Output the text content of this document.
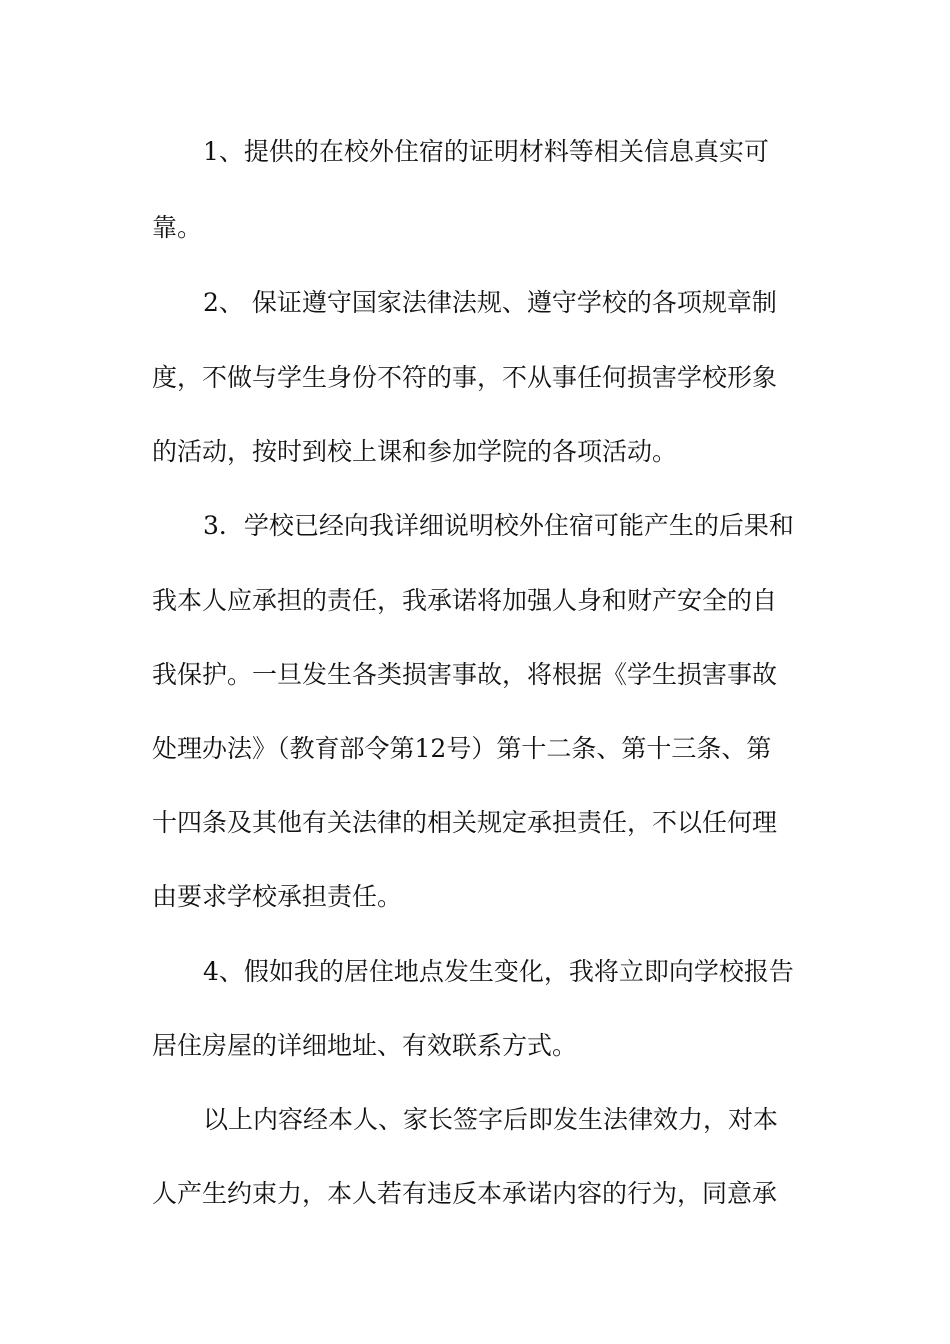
1、提供的在校外住宿的证明材料等相关信息真实可
靠。
2、 保证遵守国家法律法规、遵守学校的各项规章制
度，不做与学生身份不符的事，不从事任何损害学校形象
的活动，按时到校上课和参加学院的各项活动。
3．学校已经向我详细说明校外住宿可能产生的后果和
我本人应承担的责任，我承诺将加强人身和财产安全的自
我保护。一旦发生各类损害事故，将根据《学生损害事故
处理办法》（教育部令第12号）第十二条、第十三条、第
十四条及其他有关法律的相关规定承担责任，不以任何理
由要求学校承担责任。
4、假如我的居住地点发生变化，我将立即向学校报告
居住房屋的详细地址、有效联系方式。
以上内容经本人、家长签字后即发生法律效力，对本
人产生约束力，本人若有违反本承诺内容的行为，同意承
